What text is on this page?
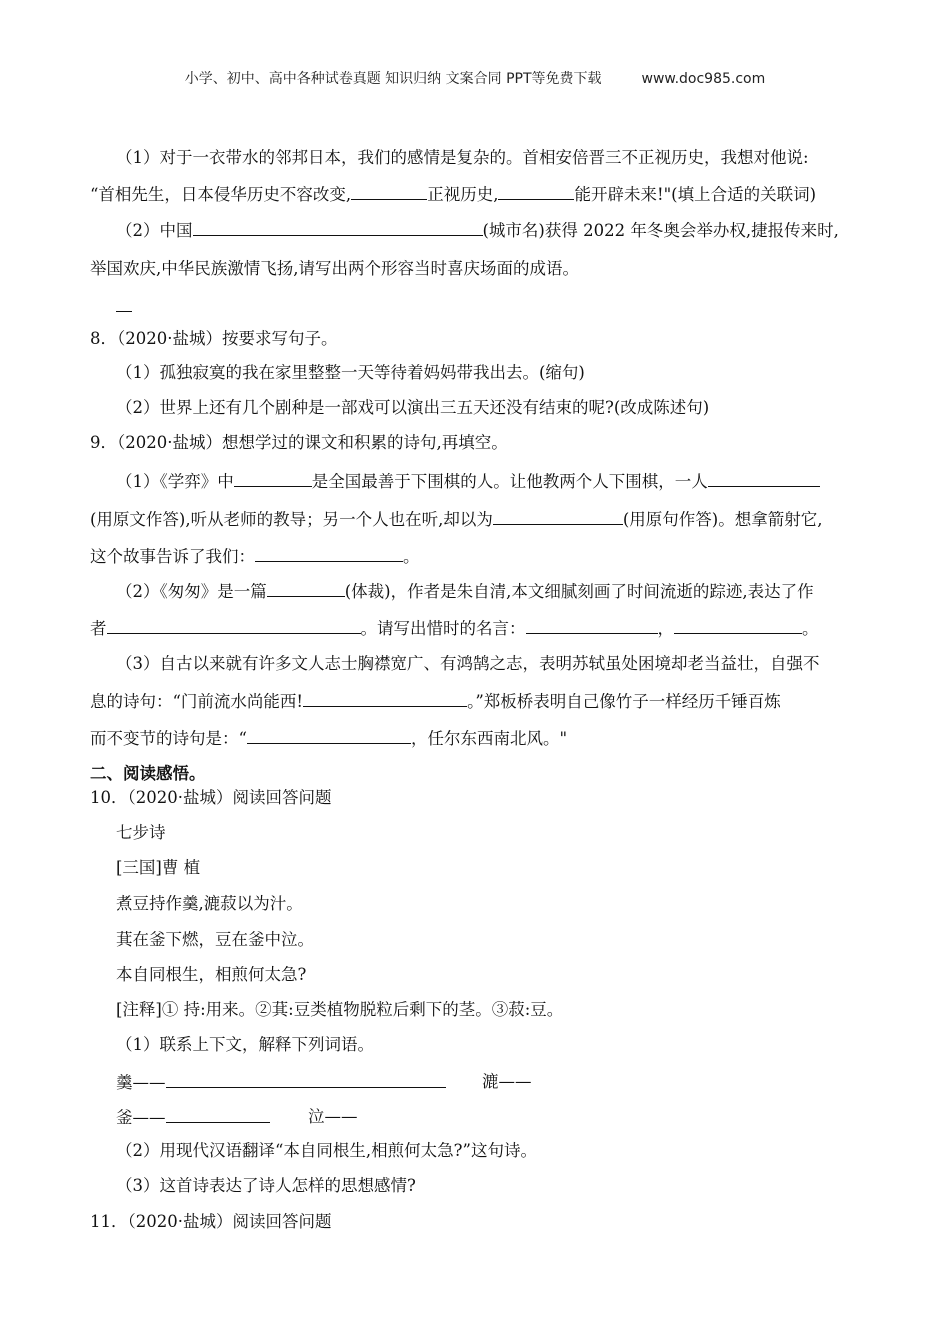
小学、初中、高中各种试卷真题 知识归纳 文案合同 PPT等免费下载	www.doc985.com
（1）对于一衣带水的邻邦日本，我们的感情是复杂的。首相安倍晋三不正视历史，我想对他说:
“首相先生，日本侵华历史不容改变,	正视历史,	能开辟未来!"(填上合适的关联词)
（2）中国	(城市名)获得 2022 年冬奥会举办权,捷报传来时,
举国欢庆,中华民族激情飞扬,请写出两个形容当时喜庆场面的成语。
8．（2020·盐城）按要求写句子。
（1）孤独寂寞的我在家里整整一天等待着妈妈带我出去。(缩句)
（2）世界上还有几个剧种是一部戏可以演出三五天还没有结束的呢?(改成陈述句)
9．（2020·盐城）想想学过的课文和积累的诗句,再填空。
（1）《学弈》中	是全国最善于下围棋的人。让他教两个人下围棋，一人
(用原文作答),听从老师的教导；另一个人也在听,却以为	(用原句作答)。想拿箭射它,
这个故事告诉了我们：	。
（2）《匆匆》是一篇	(体裁)，作者是朱自清,本文细腻刻画了时间流逝的踪迹,表达了作
者	。请写出惜时的名言：	，	。
（3）自古以来就有许多文人志士胸襟宽广、有鸿鹄之志，表明苏轼虽处困境却老当益壮，自强不
息的诗句：“门前流水尚能西!	。”郑板桥表明自己像竹子一样经历千锤百炼
而不变节的诗句是：“	，任尔东西南北风。"
二、阅读感悟。
10．（2020·盐城）阅读回答问题
七步诗
[三国]曹 植
煮豆持作羹,漉菽以为汁。
萁在釜下燃，豆在釜中泣。
本自同根生，相煎何太急?
[注释]① 持:用来。②萁:豆类植物脱粒后剩下的茎。③菽:豆。
（1）联系上下文，解释下列词语。
羹——	漉——
釜——	泣——
（2）用现代汉语翻译“本自同根生,相煎何太急?”这句诗。
（3）这首诗表达了诗人怎样的思想感情?
11．（2020·盐城）阅读回答问题
